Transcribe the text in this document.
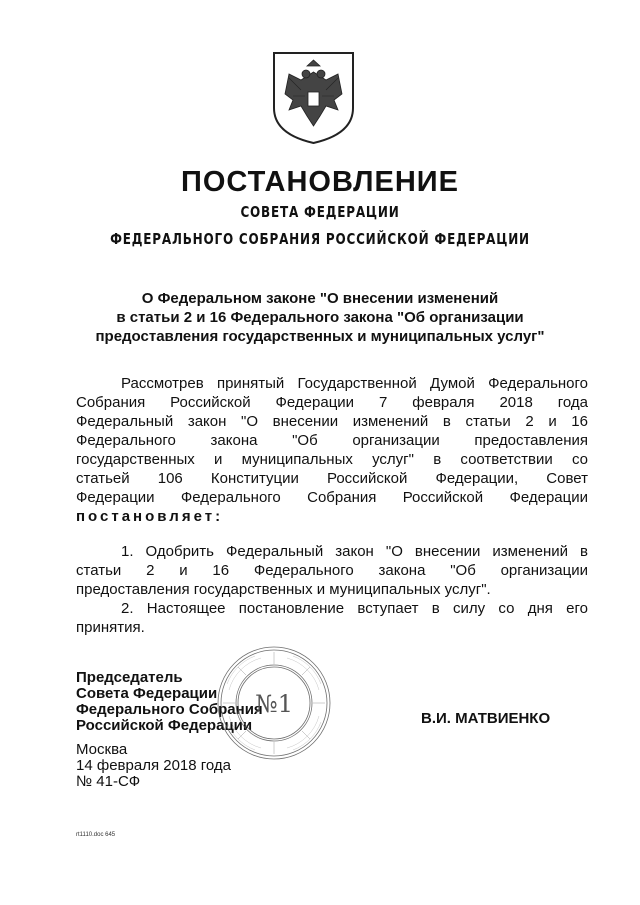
ПОСТАНОВЛЕНИЕ
СОВЕТА ФЕДЕРАЦИИ
ФЕДЕРАЛЬНОГО СОБРАНИЯ РОССИЙСКОЙ ФЕДЕРАЦИИ
О Федеральном законе "О внесении изменений
в статьи 2 и 16 Федерального закона "Об организации
предоставления государственных и муниципальных услуг"
Рассмотрев принятый Государственной Думой Федерального
Собрания Российской Федерации 7 февраля 2018 года
Федеральный закон "О внесении изменений в статьи 2 и 16
Федерального закона "Об организации предоставления
государственных и муниципальных услуг" в соответствии со
статьей 106 Конституции Российской Федерации, Совет
Федерации Федерального Собрания Российской Федерации
постановляет:
1. Одобрить Федеральный закон "О внесении изменений в
статьи 2 и 16 Федерального закона "Об организации
предоставления государственных и муниципальных услуг".
2. Настоящее постановление вступает в силу со дня его
принятия.
Председатель
Совета Федерации
Федерального Собрания
Российской Федерации
№1
В.И. МАТВИЕНКО
Москва
14 февраля 2018 года
№ 41-СФ
rt1110.doc 645
